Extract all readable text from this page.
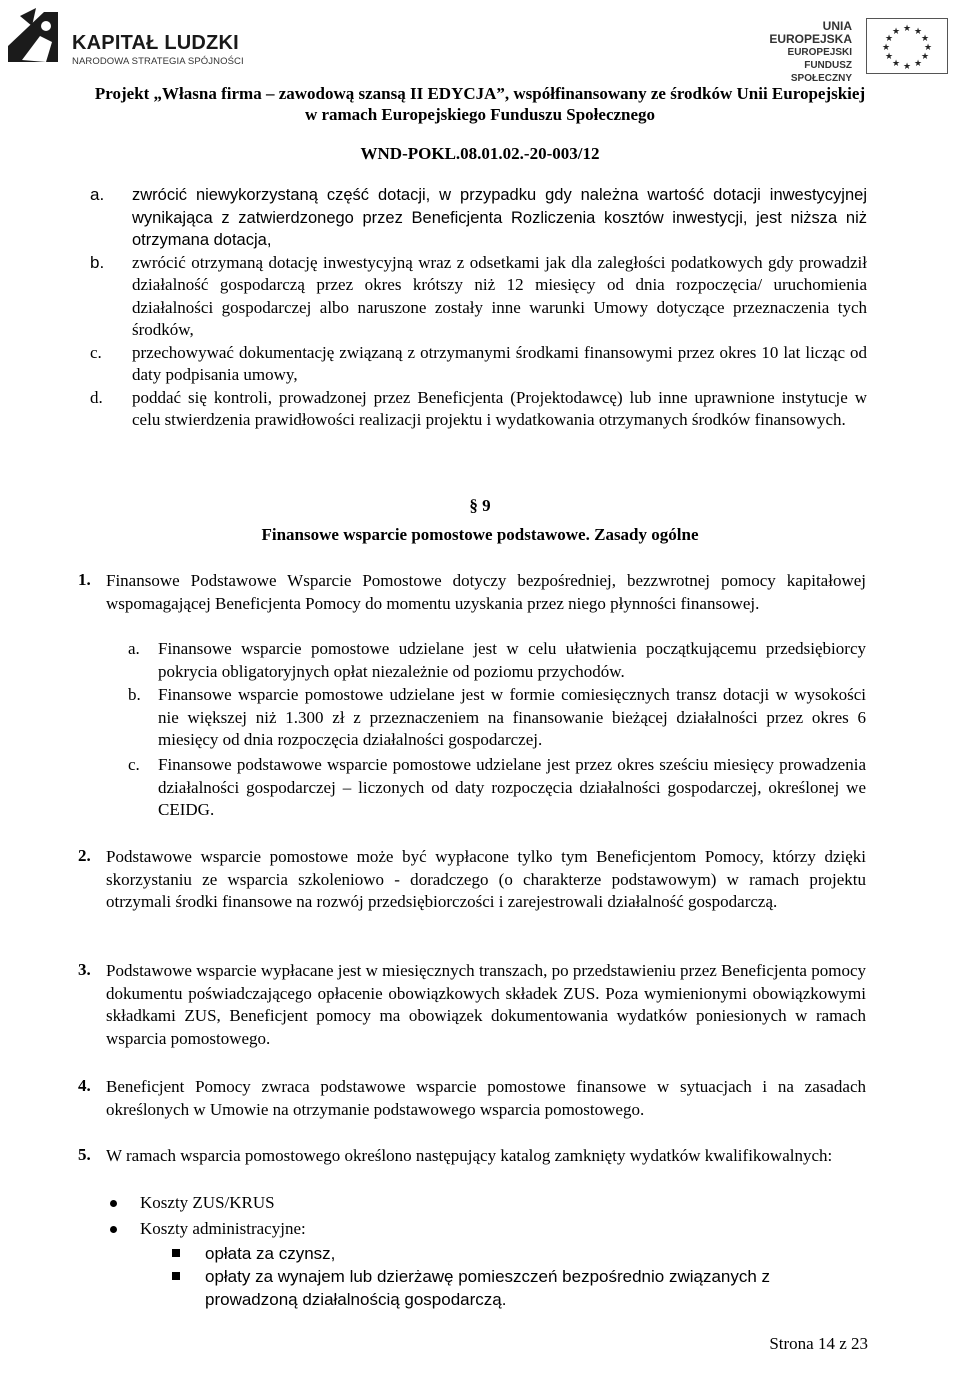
KAPITAŁ LUDZKI
NARODOWA STRATEGIA SPÓJNOŚCI
UNIA EUROPEJSKA
EUROPEJSKI
FUNDUSZ SPOŁECZNY
★ ★
★
★
★
★
★
★
★
★
★
★
Projekt „Własna firma – zawodową szansą II EDYCJA”, współfinansowany ze środków Unii Europejskiej
w ramach Europejskiego Funduszu Społecznego
WND-POKL.08.01.02.-20-003/12
a.	zwrócić niewykorzystaną część dotacji, w przypadku gdy należna wartość dotacji inwestycyjnej wynikająca z zatwierdzonego przez Beneficjenta Rozliczenia kosztów inwestycji, jest niższa niż otrzymana dotacja,
b.	zwrócić otrzymaną dotację inwestycyjną wraz z odsetkami jak dla zaległości podatkowych gdy prowadził działalność gospodarczą przez okres krótszy niż 12 miesięcy od dnia rozpoczęcia/ uruchomienia działalności gospodarczej albo naruszone zostały inne warunki Umowy dotyczące przeznaczenia tych środków,
c.	przechowywać dokumentację związaną z otrzymanymi środkami finansowymi przez okres 10 lat licząc od daty podpisania umowy,
d.	poddać się kontroli, prowadzonej przez Beneficjenta (Projektodawcę) lub inne uprawnione instytucje w celu stwierdzenia prawidłowości realizacji projektu i wydatkowania otrzymanych środków finansowych.
§ 9
Finansowe wsparcie pomostowe podstawowe. Zasady ogólne
1. Finansowe Podstawowe Wsparcie Pomostowe dotyczy bezpośredniej, bezzwrotnej pomocy kapitałowej wspomagającej Beneficjenta Pomocy do momentu uzyskania przez niego płynności finansowej.
a.	Finansowe wsparcie pomostowe udzielane jest w celu ułatwienia początkującemu przedsiębiorcy pokrycia obligatoryjnych opłat niezależnie od poziomu przychodów.
b.	Finansowe wsparcie pomostowe udzielane jest w formie comiesięcznych transz dotacji w wysokości nie większej niż 1.300 zł z przeznaczeniem na finansowanie bieżącej działalności przez okres 6 miesięcy od dnia rozpoczęcia działalności gospodarczej.
c.	Finansowe podstawowe wsparcie pomostowe udzielane jest przez okres sześciu miesięcy prowadzenia działalności gospodarczej – liczonych od daty rozpoczęcia działalności gospodarczej, określonej we CEIDG.
2. Podstawowe wsparcie pomostowe może być wypłacone tylko tym Beneficjentom Pomocy, którzy dzięki skorzystaniu ze wsparcia szkoleniowo - doradczego (o charakterze podstawowym) w ramach projektu otrzymali środki finansowe na rozwój przedsiębiorczości i zarejestrowali działalność gospodarczą.
3. Podstawowe wsparcie wypłacane jest w miesięcznych transzach, po przedstawieniu przez Beneficjenta pomocy dokumentu poświadczającego opłacenie obowiązkowych składek ZUS. Poza wymienionymi obowiązkowymi składkami ZUS, Beneficjent pomocy ma obowiązek dokumentowania wydatków poniesionych w ramach wsparcia pomostowego.
4. Beneficjent Pomocy zwraca podstawowe wsparcie pomostowe finansowe w sytuacjach i na zasadach określonych w Umowie na otrzymanie podstawowego wsparcia pomostowego.
5. W ramach wsparcia pomostowego określono następujący katalog zamknięty wydatków kwalifikowalnych:
Koszty ZUS/KRUS
Koszty administracyjne:
opłata za czynsz,
opłaty za wynajem lub dzierżawę pomieszczeń bezpośrednio związanych z prowadzoną działalnością gospodarczą.
Strona 14 z 23
